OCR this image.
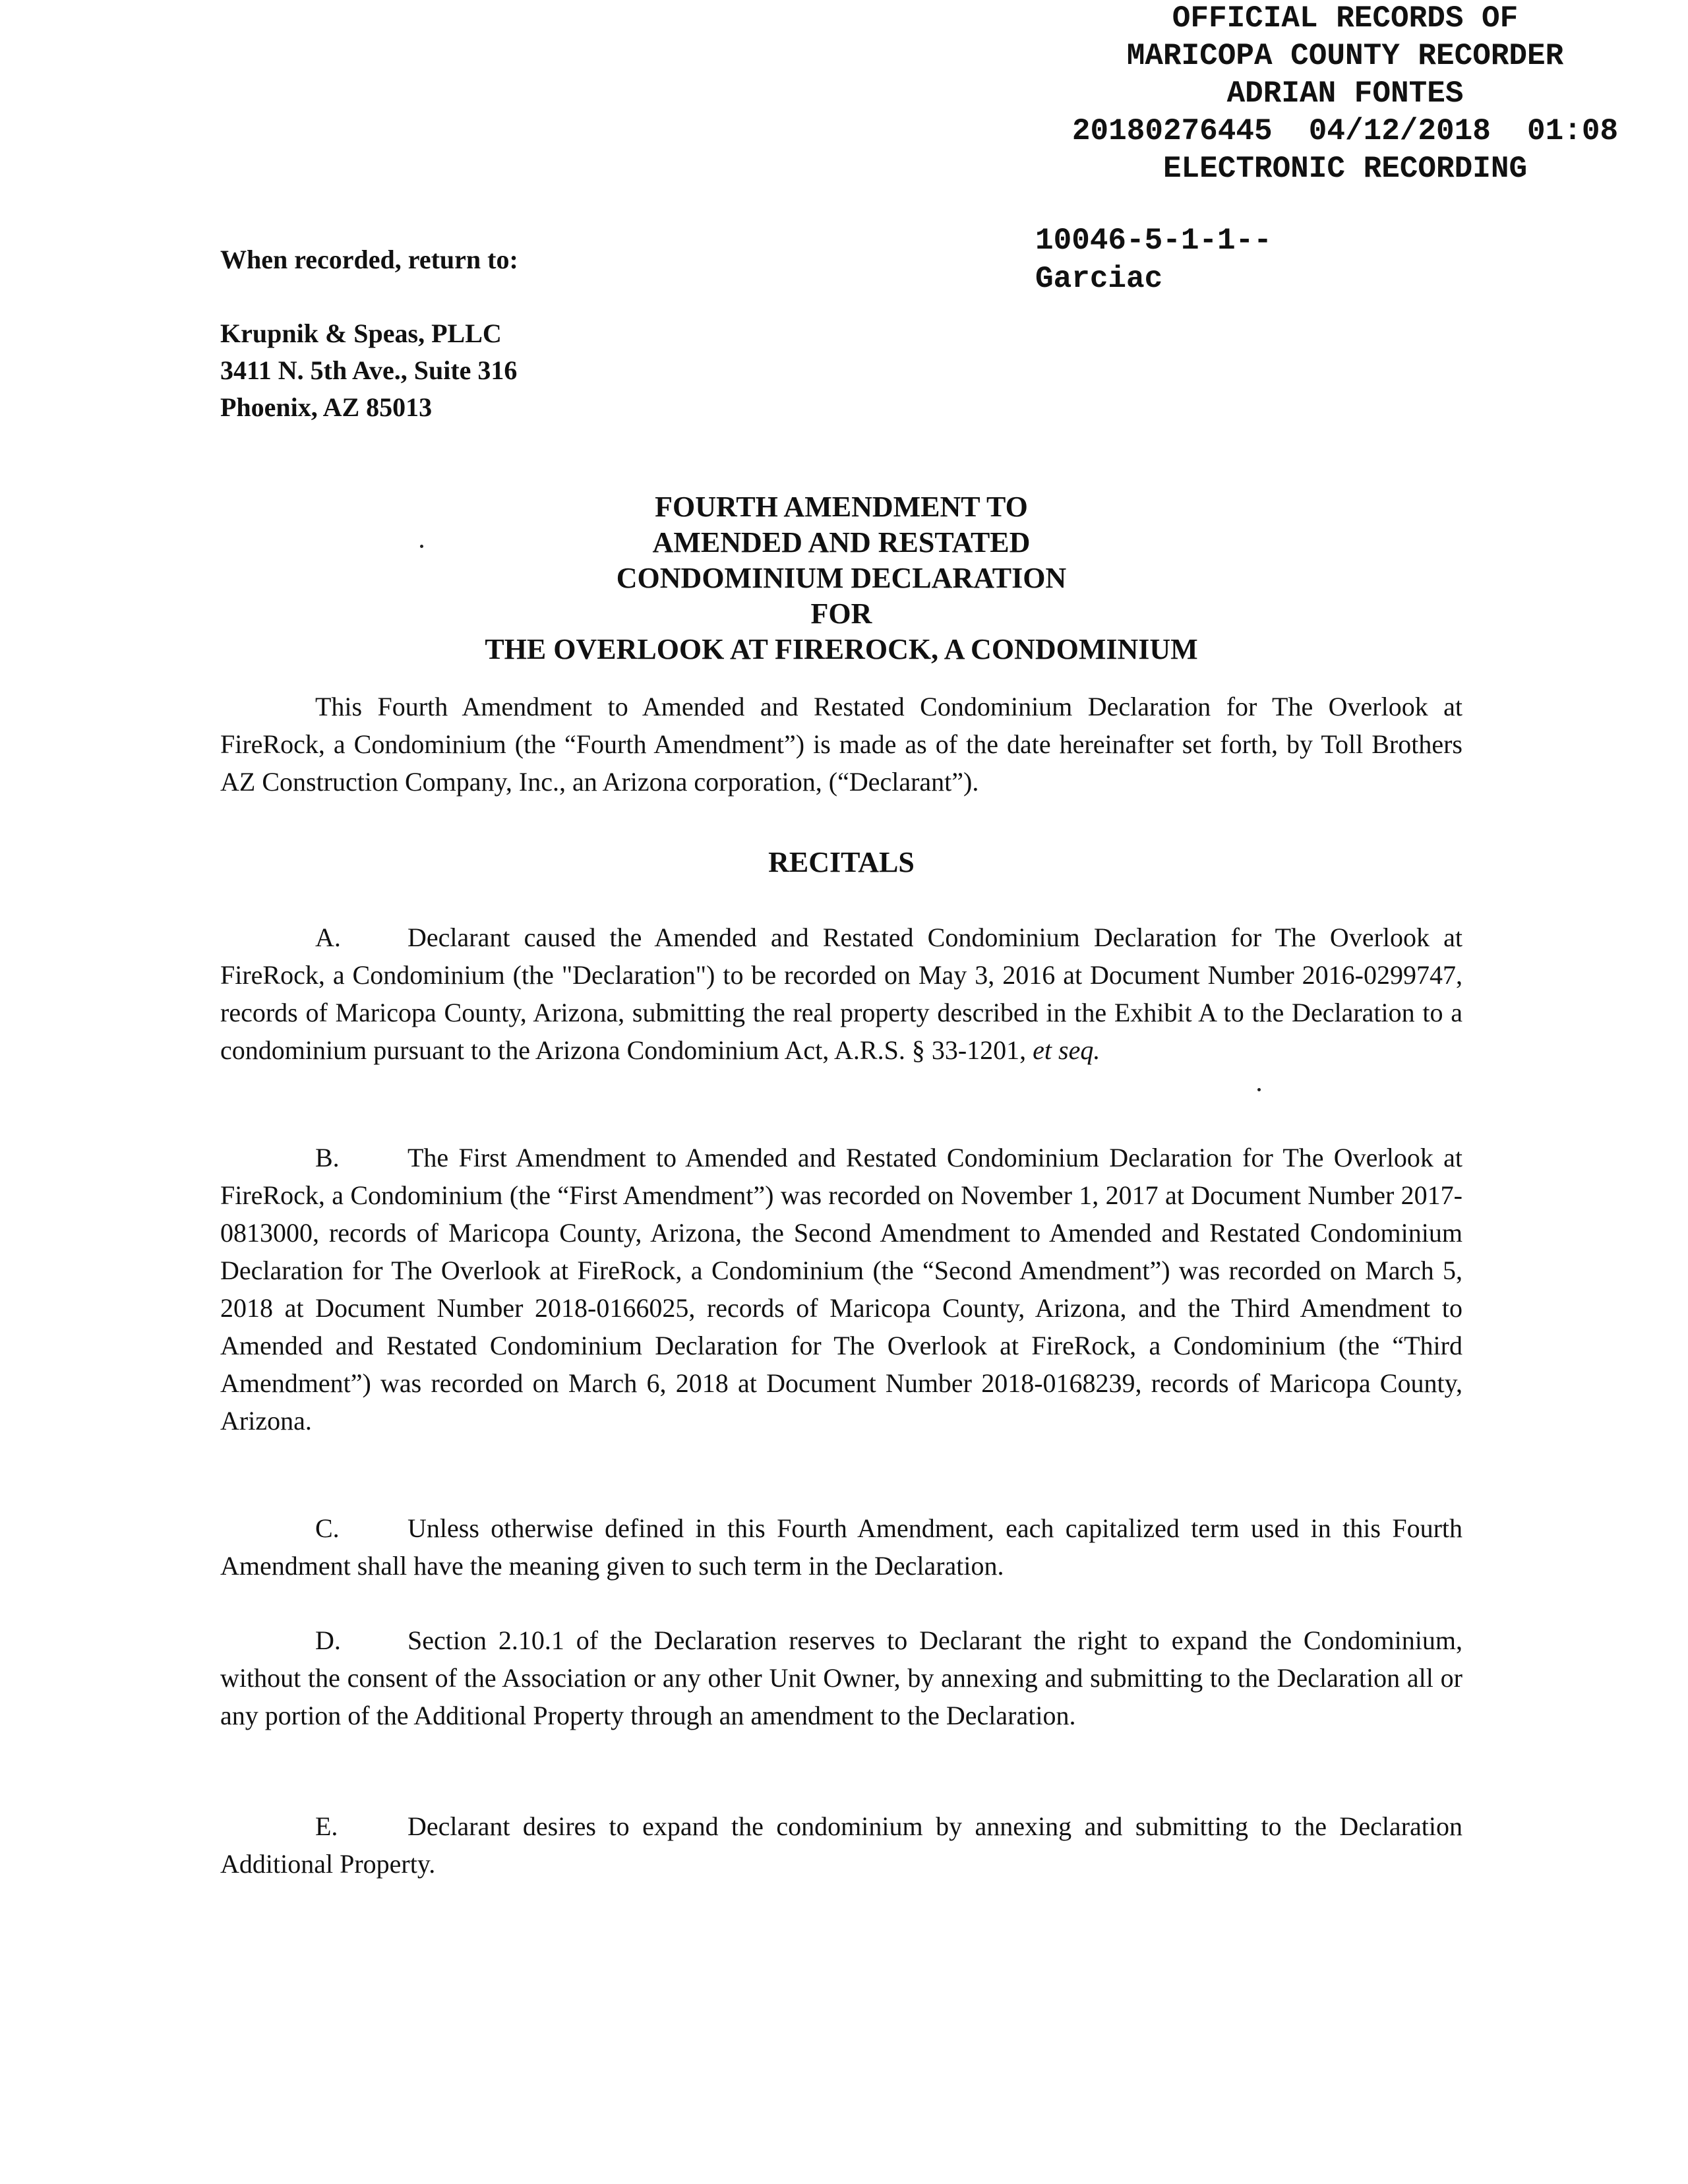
OFFICIAL RECORDS OF
MARICOPA COUNTY RECORDER
ADRIAN FONTES
20180276445  04/12/2018  01:08
ELECTRONIC RECORDING
10046-5-1-1--
Garciac
When recorded, return to:
Krupnik & Speas, PLLC
3411 N. 5th Ave., Suite 316
Phoenix, AZ 85013
FOURTH AMENDMENT TO
AMENDED AND RESTATED
CONDOMINIUM DECLARATION
FOR
THE OVERLOOK AT FIREROCK, A CONDOMINIUM

This Fourth Amendment to Amended and Restated Condominium Declaration for The Overlook at FireRock, a Condominium (the “Fourth Amendment”) is made as of the date hereinafter set forth, by Toll Brothers AZ Construction Company, Inc., an Arizona corporation, (“Declarant”).

RECITALS

A.	Declarant caused the Amended and Restated Condominium Declaration for The Overlook at FireRock, a Condominium (the "Declaration") to be recorded on May 3, 2016 at Document Number 2016-0299747, records of Maricopa County, Arizona, submitting the real property described in the Exhibit A to the Declaration to a condominium pursuant to the Arizona Condominium Act, A.R.S. § 33-1201, et seq.

B.	The First Amendment to Amended and Restated Condominium Declaration for The Overlook at FireRock, a Condominium (the “First Amendment”) was recorded on November 1, 2017 at Document Number 2017-0813000, records of Maricopa County, Arizona, the Second Amendment to Amended and Restated Condominium Declaration for The Overlook at FireRock, a Condominium (the “Second Amendment”) was recorded on March 5, 2018 at Document Number 2018-0166025, records of Maricopa County, Arizona, and the Third Amendment to Amended and Restated Condominium Declaration for The Overlook at FireRock, a Condominium (the “Third Amendment”) was recorded on March 6, 2018 at Document Number 2018-0168239, records of Maricopa County, Arizona.

C.	Unless otherwise defined in this Fourth Amendment, each capitalized term used in this Fourth Amendment shall have the meaning given to such term in the Declaration.

D.	Section 2.10.1 of the Declaration reserves to Declarant the right to expand the Condominium, without the consent of the Association or any other Unit Owner, by annexing and submitting to the Declaration all or any portion of the Additional Property through an amendment to the Declaration.

E.	Declarant desires to expand the condominium by annexing and submitting to the Declaration Additional Property.
